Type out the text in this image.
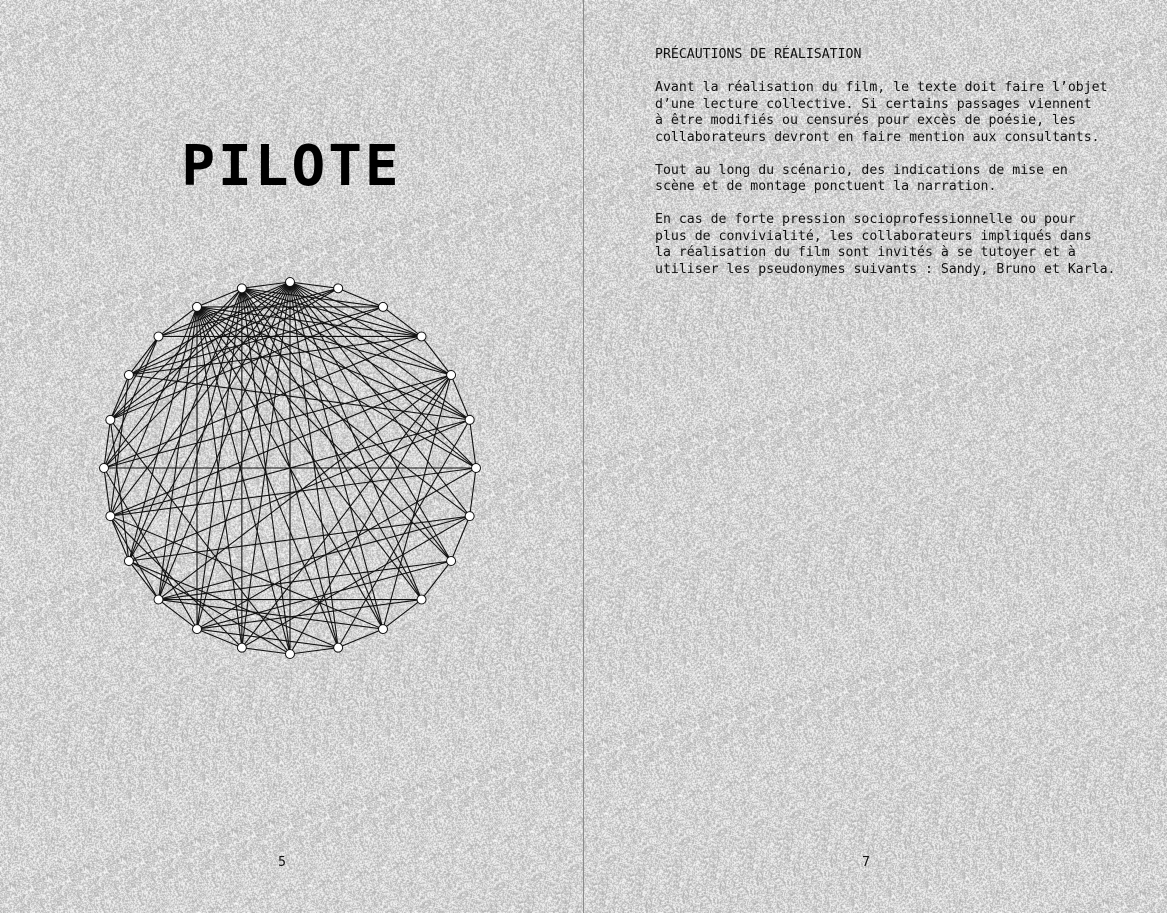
PILOTE
5
PRÉCAUTIONS DE RÉALISATION

Avant la réalisation du film, le texte doit faire l’objet
d’une lecture collective. Si certains passages viennent
à être modifiés ou censurés pour excès de poésie, les
collaborateurs devront en faire mention aux consultants.

Tout au long du scénario, des indications de mise en
scène et de montage ponctuent la narration.

En cas de forte pression socioprofessionnelle ou pour
plus de convivialité, les collaborateurs impliqués dans
la réalisation du film sont invités à se tutoyer et à
utiliser les pseudonymes suivants : Sandy, Bruno et Karla.

7
